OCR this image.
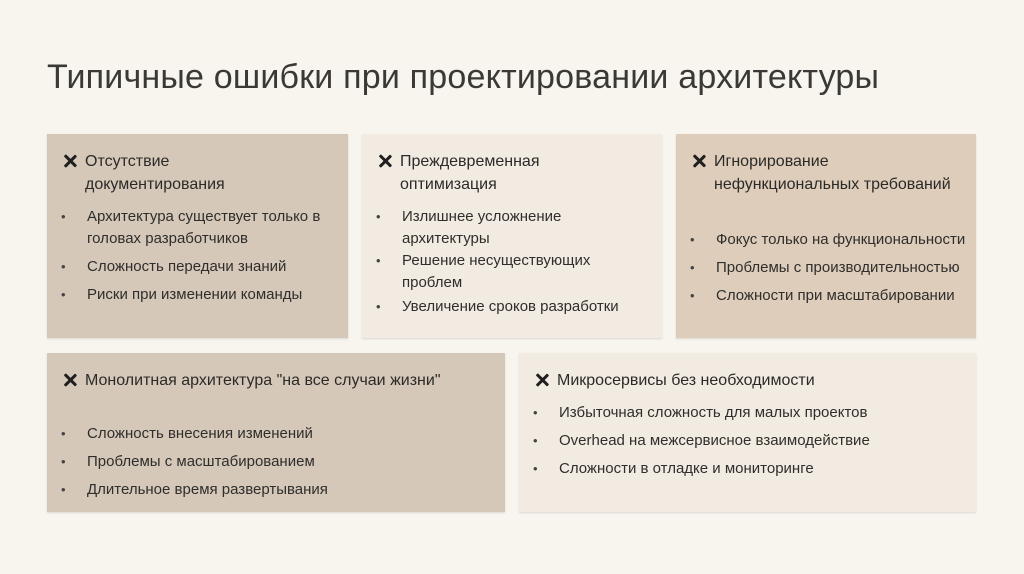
Типичные ошибки при проектировании архитектуры
Отсутствие документирования
• Архитектура существует только в головах разработчиков
• Сложность передачи знаний
• Риски при изменении команды
Преждевременная оптимизация
• Излишнее усложнение архитектуры
• Решение несуществующих проблем
• Увеличение сроков разработки
Игнорирование нефункциональных требований
• Фокус только на функциональности
• Проблемы с производительностью
• Сложности при масштабировании
Монолитная архитектура "на все случаи жизни"
• Сложность внесения изменений
• Проблемы с масштабированием
• Длительное время развертывания
Микросервисы без необходимости
• Избыточная сложность для малых проектов
• Overhead на межсервисное взаимодействие
• Сложности в отладке и мониторинге
